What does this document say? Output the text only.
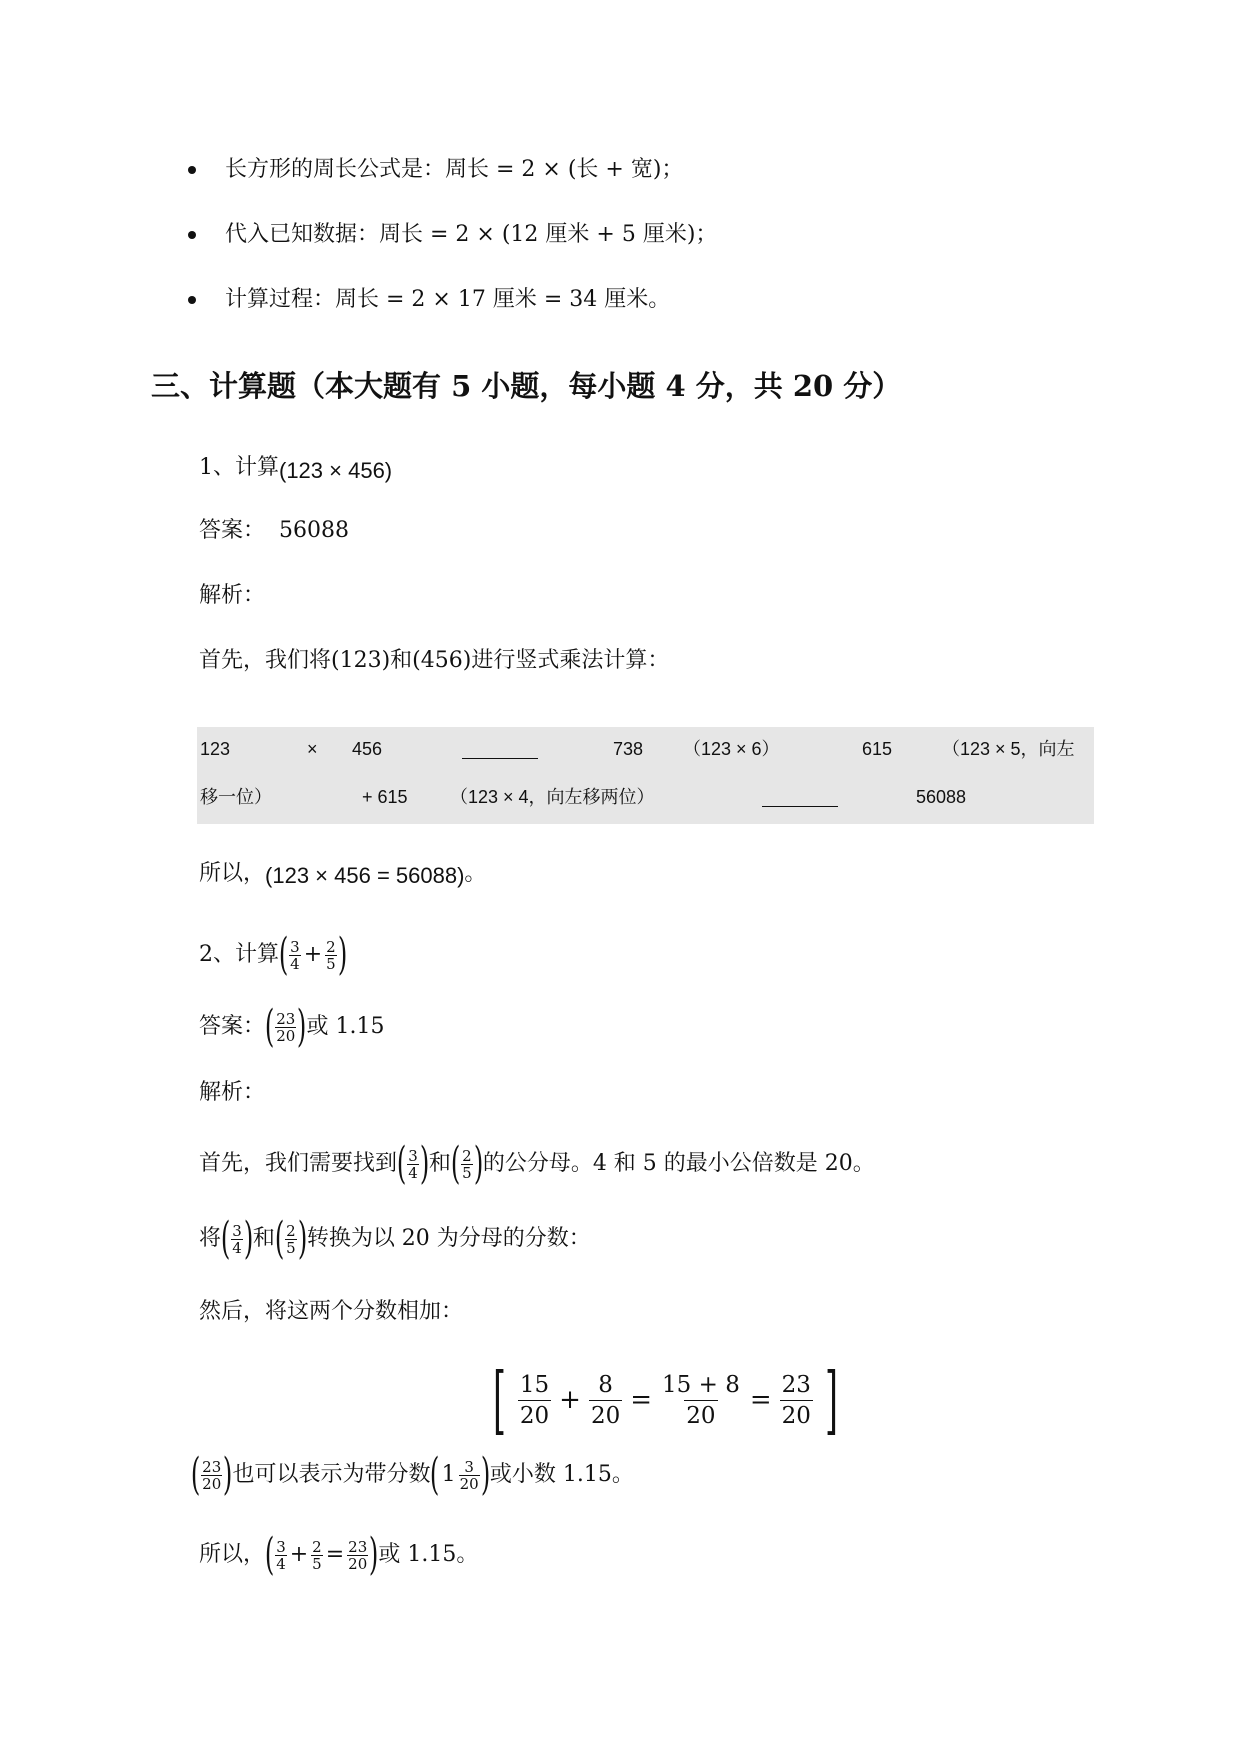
长方形的周长公式是：周长 = 2 × (长 + 宽)；
代入已知数据：周长 = 2 × (12 厘米 + 5 厘米)；
计算过程：周长 = 2 × 17 厘米 = 34 厘米。
三、计算题（本大题有 5 小题，每小题 4 分，共 20 分）
1、计算(123 × 456)
答案： 56088
解析：
首先，我们将(123)和(456)进行竖式乘法计算：
123	× 456	738 （123 × 6）	615	（123 × 5，向左
移一位）	+ 615 （123 × 4，向左移两位）	56088
所以，(123 × 456 = 56088)。
2、计算 ( $\frac{3}{4} + \frac{2}{5}$ )
答案： ( $\frac{23}{20}$ ) 或
1.15
解析：
首先，我们需要找到 ( $\frac{3}{4}$ ) 和 ( $\frac{2}{5}$ ) 的公分母。4 和 5 的最小公倍数是 20。
将 ( $\frac{3}{4}$ ) 和 ( $\frac{2}{5}$ ) 转换为以 20 为分母的分数：
然后，将这两个分数相加：
[ $\frac{15}{20} + \frac{8}{20} = \frac{15 + 8}{20} = \frac{23}{20}$ ]
( $\frac{23}{20}$ ) 也可以表示为带分数 ( $1 \frac{3}{20}$ ) 或小数 1.15。
所以， ( $\frac{3}{4} + \frac{2}{5} = \frac{23}{20}$ ) 或 1.15。
